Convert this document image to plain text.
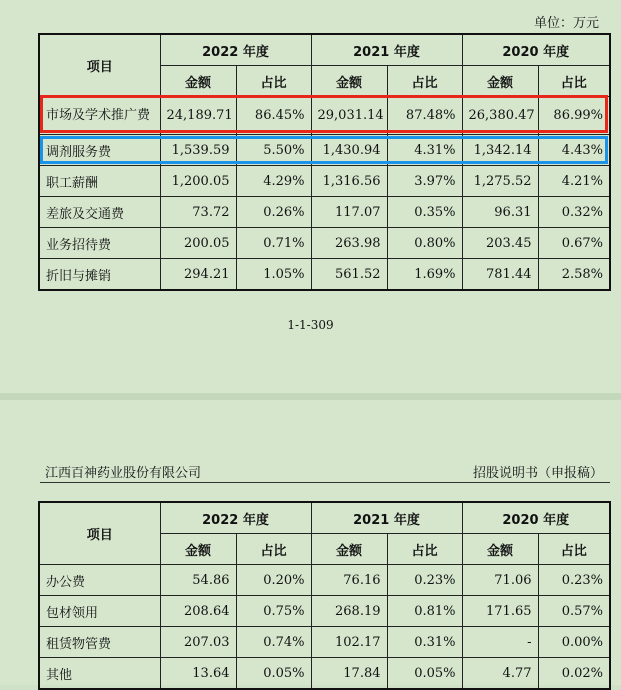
单位：万元
项目	2022 年度		2021 年度		2020 年度	
	金额	占比	金额	占比	金额	占比
市场及学术推广费	24,189.71	86.45%	29,031.14	87.48%	26,380.47	86.99%
调剂服务费	1,539.59	5.50%	1,430.94	4.31%	1,342.14	4.43%
职工薪酬	1,200.05	4.29%	1,316.56	3.97%	1,275.52	4.21%
差旅及交通费	73.72	0.26%	117.07	0.35%	96.31	0.32%
业务招待费	200.05	0.71%	263.98	0.80%	203.45	0.67%
折旧与摊销	294.21	1.05%	561.52	1.69%	781.44	2.58%
1-1-309
江西百神药业股份有限公司	招股说明书（申报稿）
项目	2022 年度		2021 年度		2020 年度	
	金额	占比	金额	占比	金额	占比
办公费	54.86	0.20%	76.16	0.23%	71.06	0.23%
包材领用	208.64	0.75%	268.19	0.81%	171.65	0.57%
租赁物管费	207.03	0.74%	102.17	0.31%	-	0.00%
其他	13.64	0.05%	17.84	0.05%	4.77	0.02%
